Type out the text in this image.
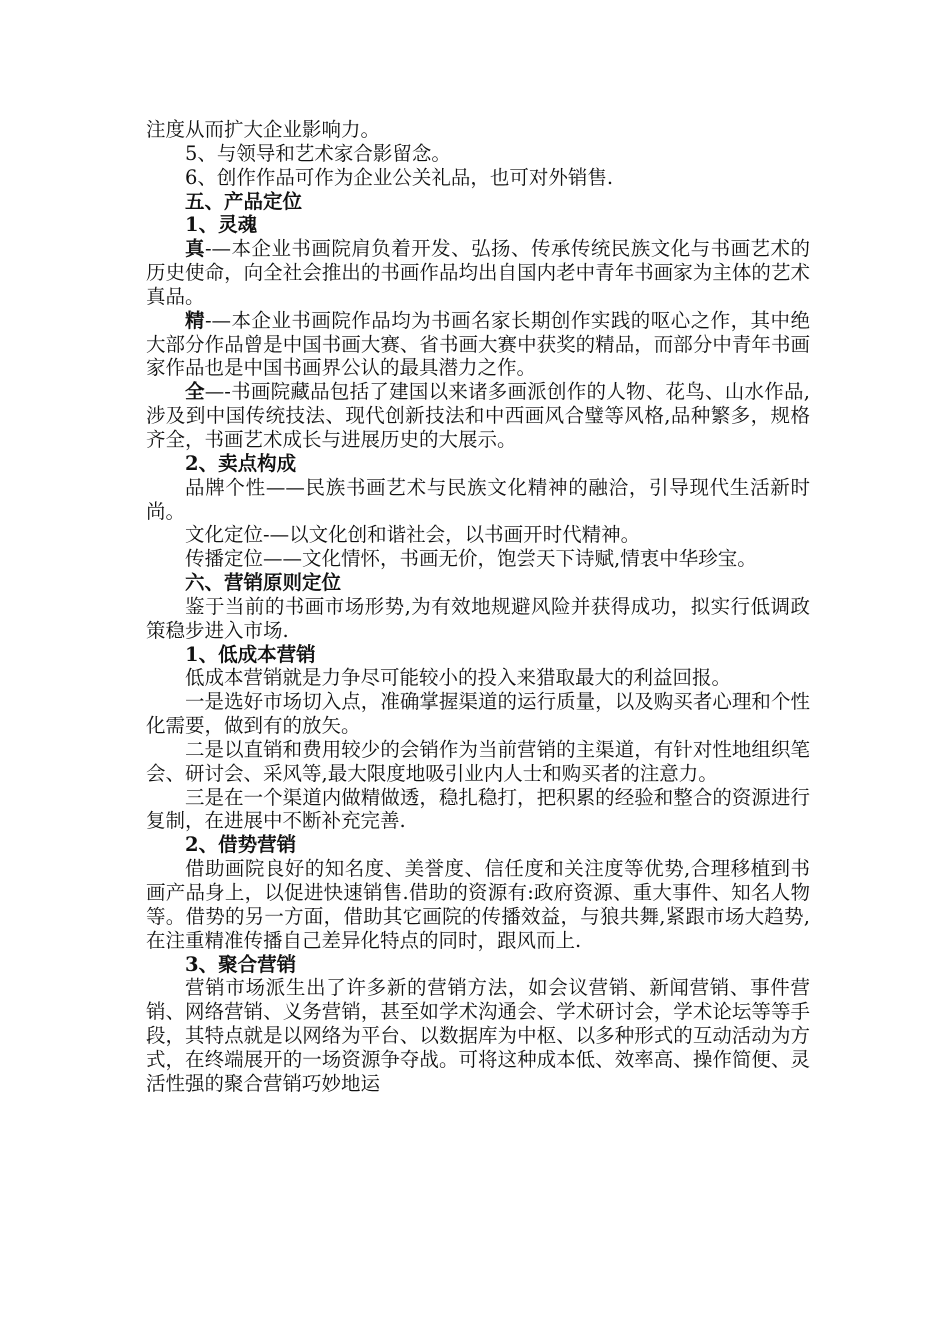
注度从而扩大企业影响力。

5、与领导和艺术家合影留念。

6、创作作品可作为企业公关礼品，也可对外销售.

五、产品定位

1、灵魂

真-—本企业书画院肩负着开发、弘扬、传承传统民族文化与书画艺术的历史使命，向全社会推出的书画作品均出自国内老中青年书画家为主体的艺术真品。

精-—本企业书画院作品均为书画名家长期创作实践的呕心之作，其中绝大部分作品曾是中国书画大赛、省书画大赛中获奖的精品，而部分中青年书画家作品也是中国书画界公认的最具潜力之作。

全—-书画院藏品包括了建国以来诸多画派创作的人物、花鸟、山水作品,涉及到中国传统技法、现代创新技法和中西画风合璧等风格,品种繁多，规格齐全，书画艺术成长与进展历史的大展示。

2、卖点构成

品牌个性——民族书画艺术与民族文化精神的融洽，引导现代生活新时尚。

文化定位-—以文化创和谐社会，以书画开时代精神。

传播定位——文化情怀，书画无价，饱尝天下诗赋,情衷中华珍宝。

六、营销原则定位

鉴于当前的书画市场形势,为有效地规避风险并获得成功，拟实行低调政策稳步进入市场.

1、低成本营销

低成本营销就是力争尽可能较小的投入来猎取最大的利益回报。

一是选好市场切入点，准确掌握渠道的运行质量，以及购买者心理和个性化需要，做到有的放矢。

二是以直销和费用较少的会销作为当前营销的主渠道，有针对性地组织笔会、研讨会、采风等,最大限度地吸引业内人士和购买者的注意力。

三是在一个渠道内做精做透，稳扎稳打，把积累的经验和整合的资源进行复制，在进展中不断补充完善.

2、借势营销

借助画院良好的知名度、美誉度、信任度和关注度等优势,合理移植到书画产品身上，以促进快速销售.借助的资源有:政府资源、重大事件、知名人物等。借势的另一方面，借助其它画院的传播效益，与狼共舞,紧跟市场大趋势,在注重精准传播自己差异化特点的同时，跟风而上.

3、聚合营销

营销市场派生出了许多新的营销方法，如会议营销、新闻营销、事件营销、网络营销、义务营销，甚至如学术沟通会、学术研讨会，学术论坛等等手段，其特点就是以网络为平台、以数据库为中枢、以多种形式的互动活动为方式，在终端展开的一场资源争夺战。可将这种成本低、效率高、操作简便、灵活性强的聚合营销巧妙地运
